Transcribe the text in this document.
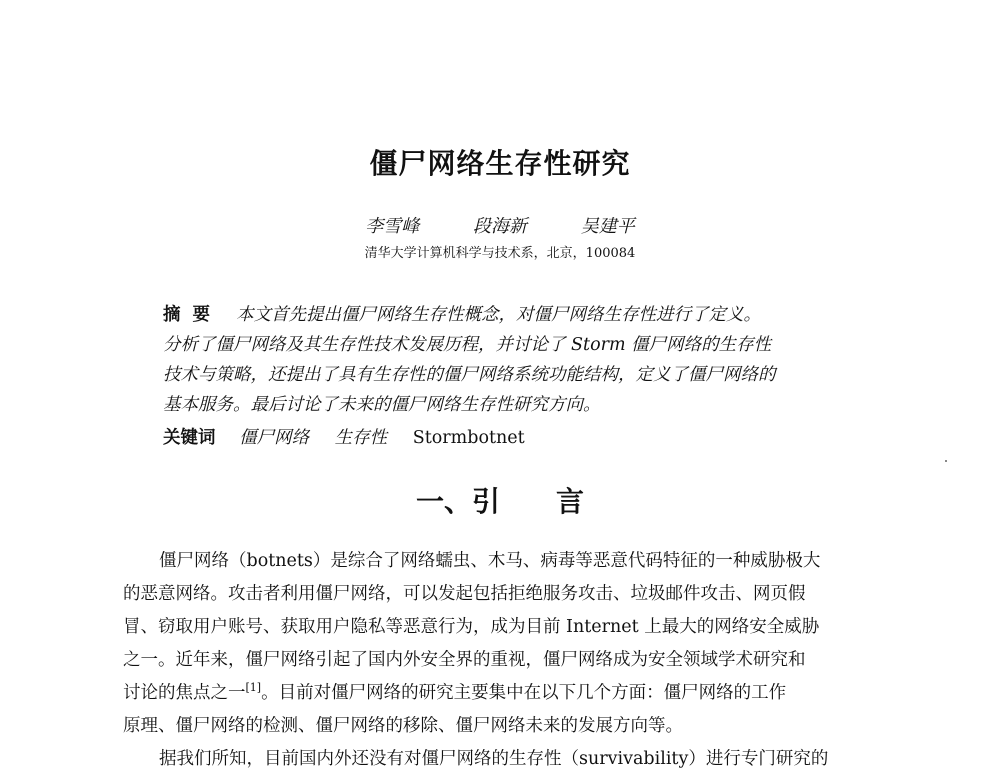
僵尸网络生存性研究
李雪峰	段海新	吴建平
清华大学计算机科学与技术系，北京，100084
摘要 本文首先提出僵尸网络生存性概念，对僵尸网络生存性进行了定义。
分析了僵尸网络及其生存性技术发展历程，并讨论了 Storm 僵尸网络的生存性
技术与策略，还提出了具有生存性的僵尸网络系统功能结构，定义了僵尸网络的
基本服务。最后讨论了未来的僵尸网络生存性研究方向。
关键词 僵尸网络 生存性 Stormbotnet
一、引 言
僵尸网络（botnets）是综合了网络蠕虫、木马、病毒等恶意代码特征的一种威胁极大
的恶意网络。攻击者利用僵尸网络，可以发起包括拒绝服务攻击、垃圾邮件攻击、网页假
冒、窃取用户账号、获取用户隐私等恶意行为，成为目前 Internet 上最大的网络安全威胁
之一。近年来，僵尸网络引起了国内外安全界的重视，僵尸网络成为安全领域学术研究和
讨论的焦点之一[1]。目前对僵尸网络的研究主要集中在以下几个方面：僵尸网络的工作
原理、僵尸网络的检测、僵尸网络的移除、僵尸网络未来的发展方向等。
据我们所知，目前国内外还没有对僵尸网络的生存性（survivability）进行专门研究的
